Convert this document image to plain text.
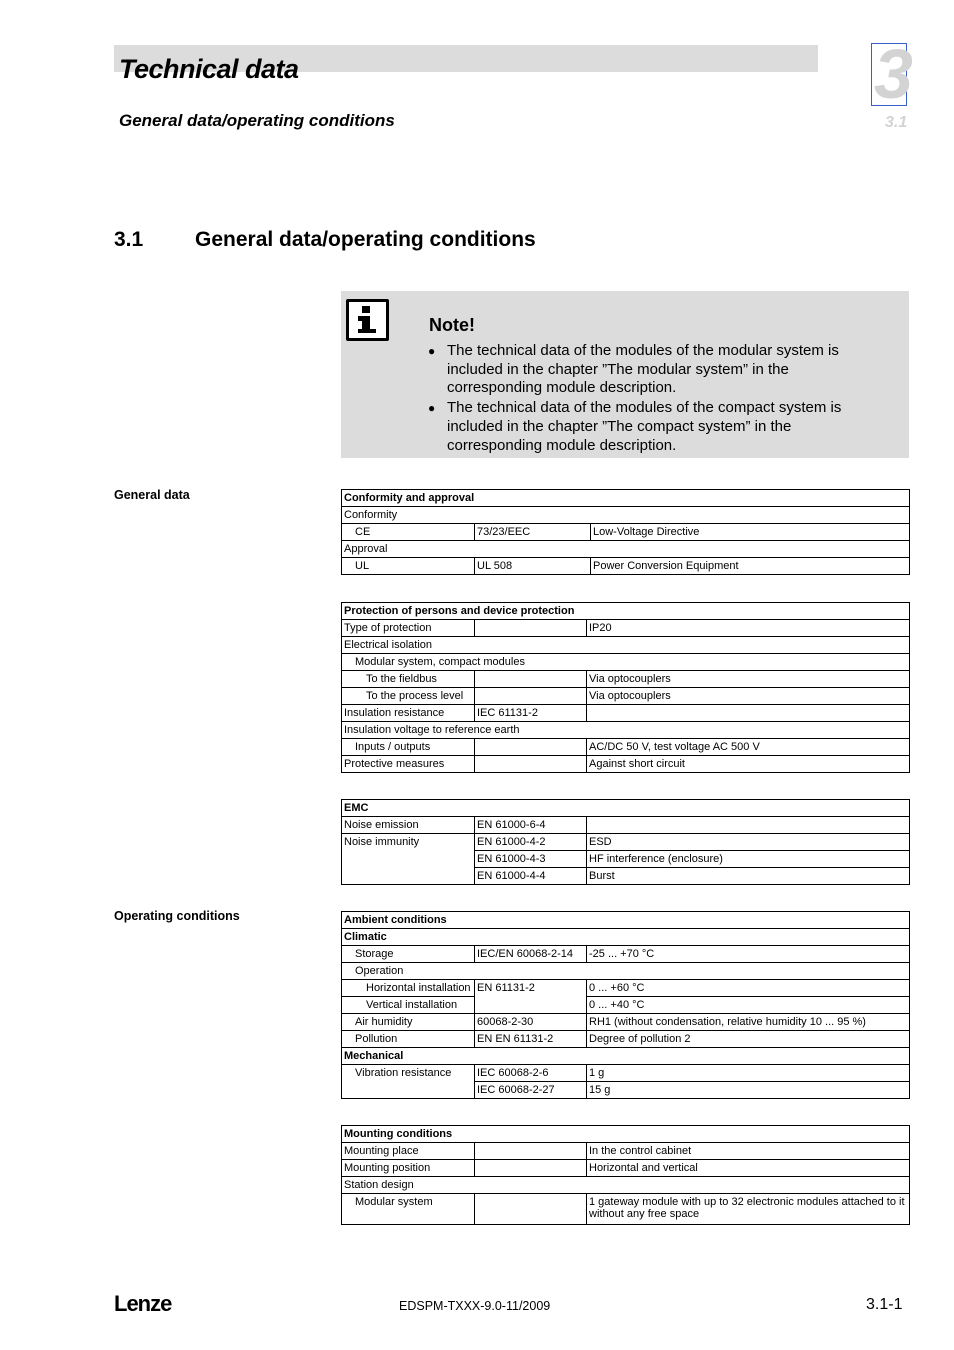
Technical data
General data/operating conditions
3
3.1
3.1 General data/operating conditions
Note!
● The technical data of the modules of the modular system is included in the chapter ”The modular system” in the corresponding module description.
● The technical data of the modules of the compact system is included in the chapter ”The compact system” in the corresponding module description.
General data
Operating conditions
Conformity and approval		
Conformity		
CE	73/23/EEC	Low-Voltage Directive
Approval		
UL	UL 508	Power Conversion Equipment
Protection of persons and device protection		
Type of protection		IP20
Electrical isolation		
Modular system, compact modules		
To the fieldbus		Via optocouplers
To the process level		Via optocouplers
Insulation resistance	IEC 61131-2	
Insulation voltage to reference earth		
Inputs / outputs		AC/DC 50 V, test voltage AC 500 V
Protective measures		Against short circuit
EMC		
Noise emission	EN 61000-6-4	
Noise immunity	EN 61000-4-2	ESD
	EN 61000-4-3	HF interference (enclosure)
	EN 61000-4-4	Burst
Ambient conditions		
Climatic		
Storage	IEC/EN 60068-2-14	-25 ... +70 °C
Operation		
Horizontal installation	EN 61131-2	0 ... +60 °C
Vertical installation		0 ... +40 °C
Air humidity	60068-2-30	RH1 (without condensation, relative humidity 10 ... 95 %)
Pollution	EN EN 61131-2	Degree of pollution 2
Mechanical		
Vibration resistance	IEC 60068-2-6	1 g
	IEC 60068-2-27	15 g
Mounting conditions		
Mounting place		In the control cabinet
Mounting position		Horizontal and vertical
Station design		
Modular system		1 gateway module with up to 32 electronic modules attached to it without any free space
Lenze	EDSPM-TXXX-9.0-11/2009	3.1-1
